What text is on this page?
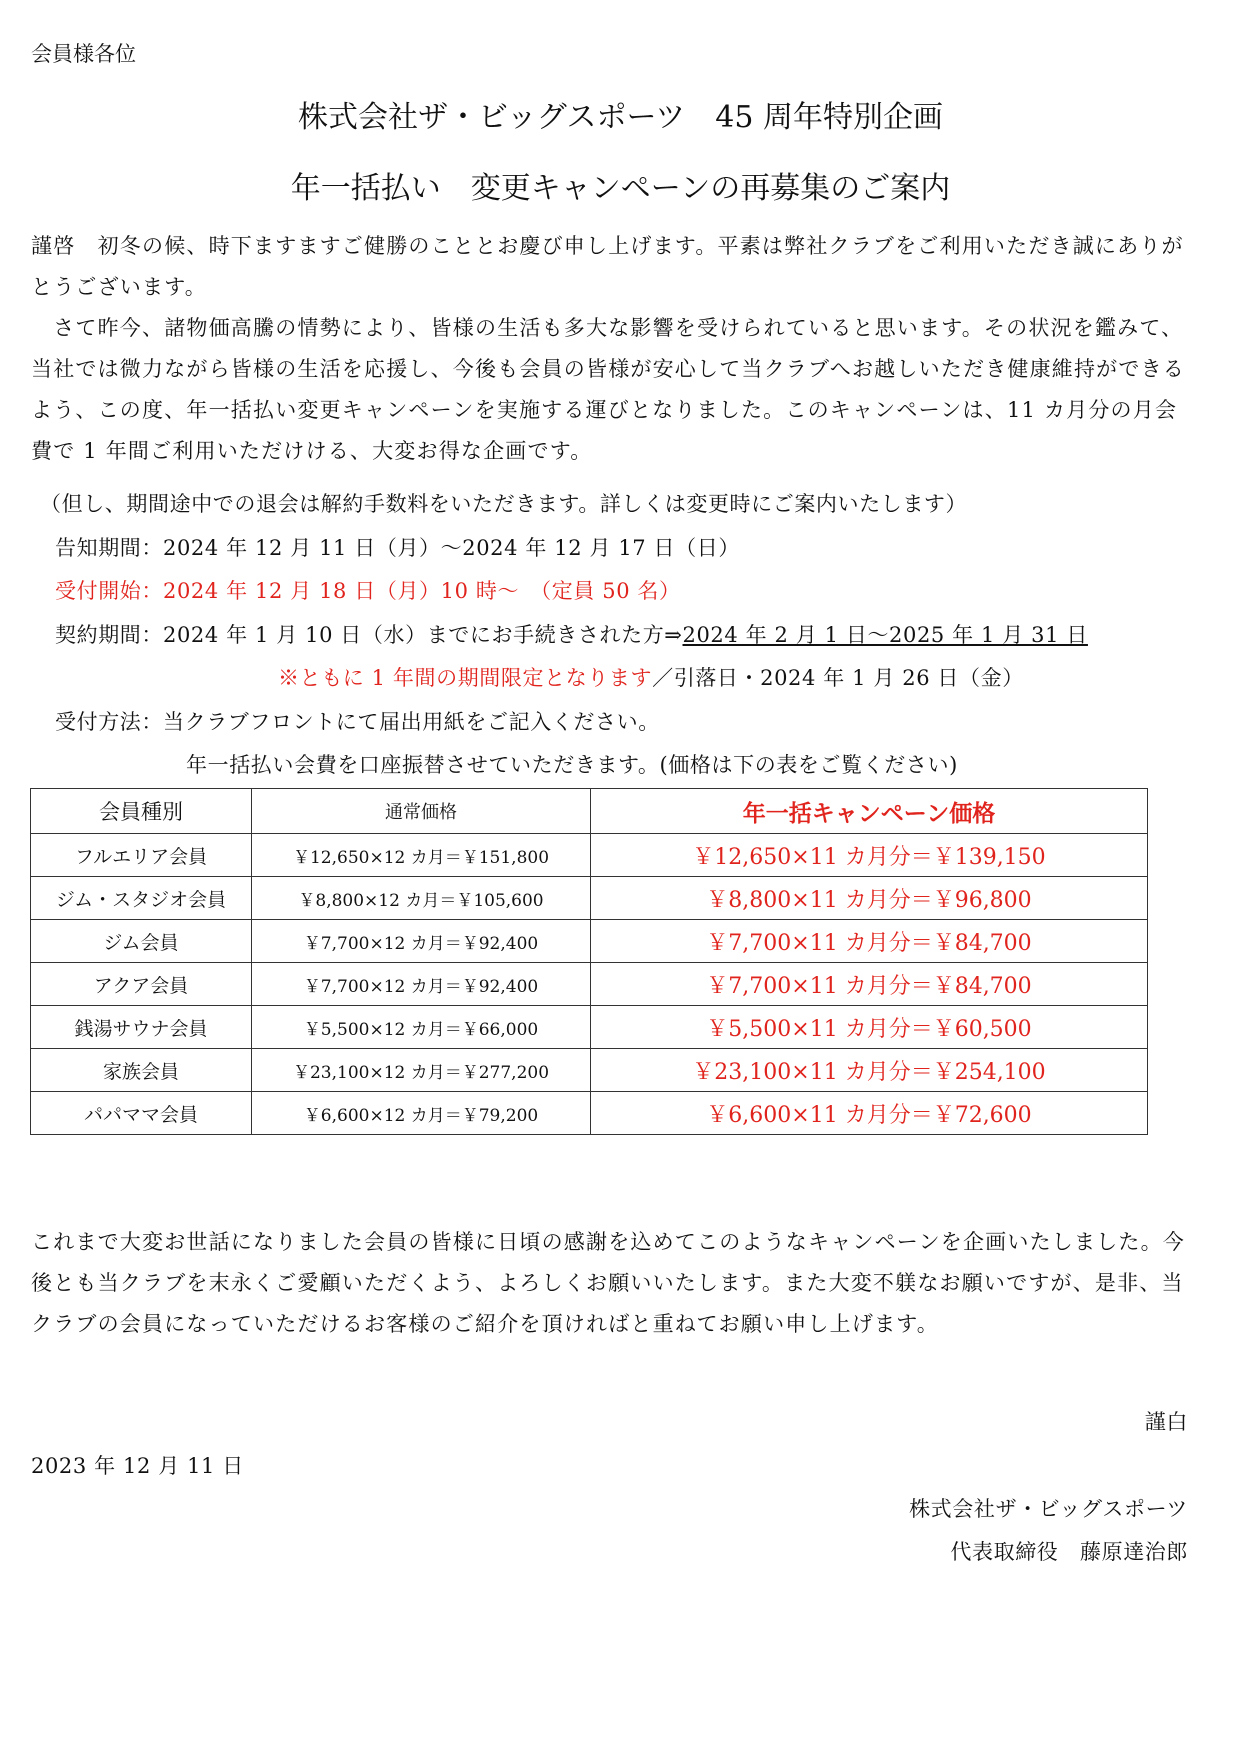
会員様各位
株式会社ザ・ビッグスポーツ　45 周年特別企画
年一括払い　変更キャンペーンの再募集のご案内
謹啓　初冬の候、時下ますますご健勝のこととお慶び申し上げます。平素は弊社クラブをご利用いただき誠にありがとうございます。
　さて昨今、諸物価高騰の情勢により、皆様の生活も多大な影響を受けられていると思います。その状況を鑑みて、当社では微力ながら皆様の生活を応援し、今後も会員の皆様が安心して当クラブへお越しいただき健康維持ができるよう、この度、年一括払い変更キャンペーンを実施する運びとなりました。このキャンペーンは、11 カ月分の月会費で 1 年間ご利用いただけける、大変お得な企画です。
（但し、期間途中での退会は解約手数料をいただきます。詳しくは変更時にご案内いたします）
告知期間：2024 年 12 月 11 日（月）～2024 年 12 月 17 日（日）
受付開始：2024 年 12 月 18 日（月）10 時～　（定員 50 名）
契約期間：2024 年 1 月 10 日（水）までにお手続きされた方⇒2024 年 2 月 1 日～2025 年 1 月 31 日
※ともに 1 年間の期間限定となります／引落日・2024 年 1 月 26 日（金）
受付方法：当クラブフロントにて届出用紙をご記入ください。
年一括払い会費を口座振替させていただきます。(価格は下の表をご覧ください)
会員種別	通常価格	年一括キャンペーン価格
フルエリア会員	￥12,650×12 カ月＝￥151,800	￥12,650×11 カ月分＝￥139,150
ジム・スタジオ会員	￥8,800×12 カ月＝￥105,600	￥8,800×11 カ月分＝￥96,800
ジム会員	￥7,700×12 カ月＝￥92,400	￥7,700×11 カ月分＝￥84,700
アクア会員	￥7,700×12 カ月＝￥92,400	￥7,700×11 カ月分＝￥84,700
銭湯サウナ会員	￥5,500×12 カ月＝￥66,000	￥5,500×11 カ月分＝￥60,500
家族会員	￥23,100×12 カ月＝￥277,200	￥23,100×11 カ月分＝￥254,100
パパママ会員	￥6,600×12 カ月＝￥79,200	￥6,600×11 カ月分＝￥72,600
これまで大変お世話になりました会員の皆様に日頃の感謝を込めてこのようなキャンペーンを企画いたしました。今後とも当クラブを末永くご愛顧いただくよう、よろしくお願いいたします。また大変不躾なお願いですが、是非、当クラブの会員になっていただけるお客様のご紹介を頂ければと重ねてお願い申し上げます。
謹白
2023 年 12 月 11 日
株式会社ザ・ビッグスポーツ
代表取締役　藤原達治郎
